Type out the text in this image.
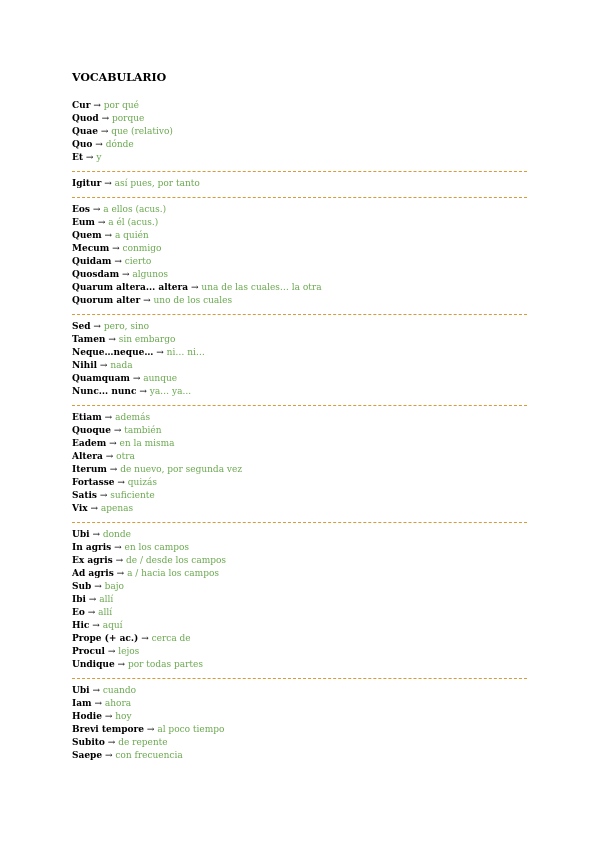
VOCABULARIO
Cur → por qué
Quod → porque
Quae → que (relativo)
Quo → dónde
Et → y
Igitur → así pues, por tanto
Eos → a ellos (acus.)
Eum → a él (acus.)
Quem → a quién
Mecum → conmigo
Quidam → cierto
Quosdam → algunos
Quarum altera... altera → una de las cuales… la otra
Quorum alter → uno de los cuales
Sed → pero, sino
Tamen → sin embargo
Neque…neque… → ni… ni…
Nihil → nada
Quamquam → aunque
Nunc... nunc → ya… ya...
Etiam → además
Quoque → también
Eadem → en la misma
Altera → otra
Iterum → de nuevo, por segunda vez
Fortasse → quizás
Satis → suficiente
Vix → apenas
Ubi → donde
In agris → en los campos
Ex agris → de / desde los campos
Ad agris → a / hacia los campos
Sub → bajo
Ibi → allí
Eo → allí
Hic → aquí
Prope (+ ac.) → cerca de
Procul → lejos
Undique → por todas partes
Ubi → cuando
Iam → ahora
Hodie → hoy
Brevi tempore → al poco tiempo
Subito → de repente
Saepe → con frecuencia
